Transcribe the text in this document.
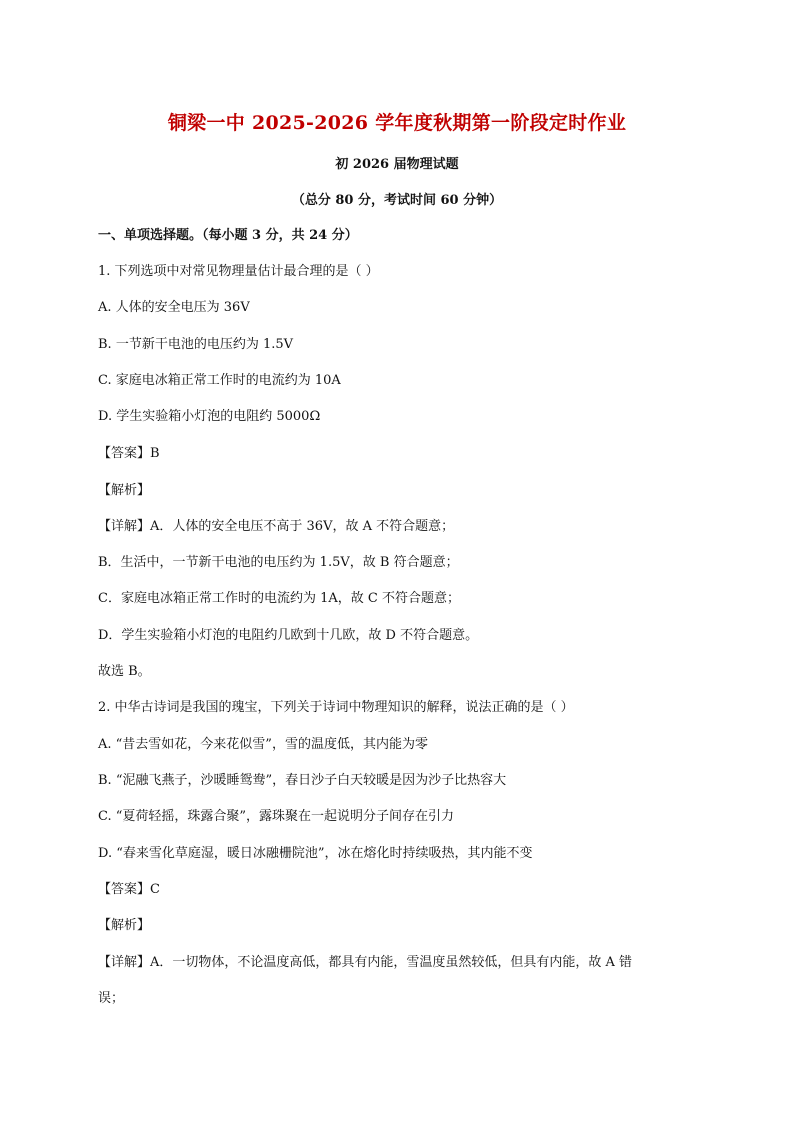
铜梁一中 2025-2026 学年度秋期第一阶段定时作业
初 2026 届物理试题
（总分 80 分，考试时间 60 分钟）
一、单项选择题。（每小题 3 分，共 24 分）
1. 下列选项中对常见物理量估计最合理的是（ ）
A. 人体的安全电压为 36V
B. 一节新干电池的电压约为 1.5V
C. 家庭电冰箱正常工作时的电流约为 10A
D. 学生实验箱小灯泡的电阻约 5000Ω
【答案】B
【解析】
【详解】A．人体的安全电压不高于 36V，故 A 不符合题意；
B．生活中，一节新干电池的电压约为 1.5V，故 B 符合题意；
C．家庭电冰箱正常工作时的电流约为 1A，故 C 不符合题意；
D．学生实验箱小灯泡的电阻约几欧到十几欧，故 D 不符合题意。
故选 B。
2. 中华古诗词是我国的瑰宝，下列关于诗词中物理知识的解释，说法正确的是（ ）
A. “昔去雪如花，今来花似雪”，雪的温度低，其内能为零
B. “泥融飞燕子，沙暖睡鸳鸯”，春日沙子白天较暖是因为沙子比热容大
C. “夏荷轻摇，珠露合聚”，露珠聚在一起说明分子间存在引力
D. “春来雪化草庭湿，暖日冰融栅院池”，冰在熔化时持续吸热，其内能不变
【答案】C
【解析】
【详解】A．一切物体，不论温度高低，都具有内能，雪温度虽然较低，但具有内能，故 A 错
误；
